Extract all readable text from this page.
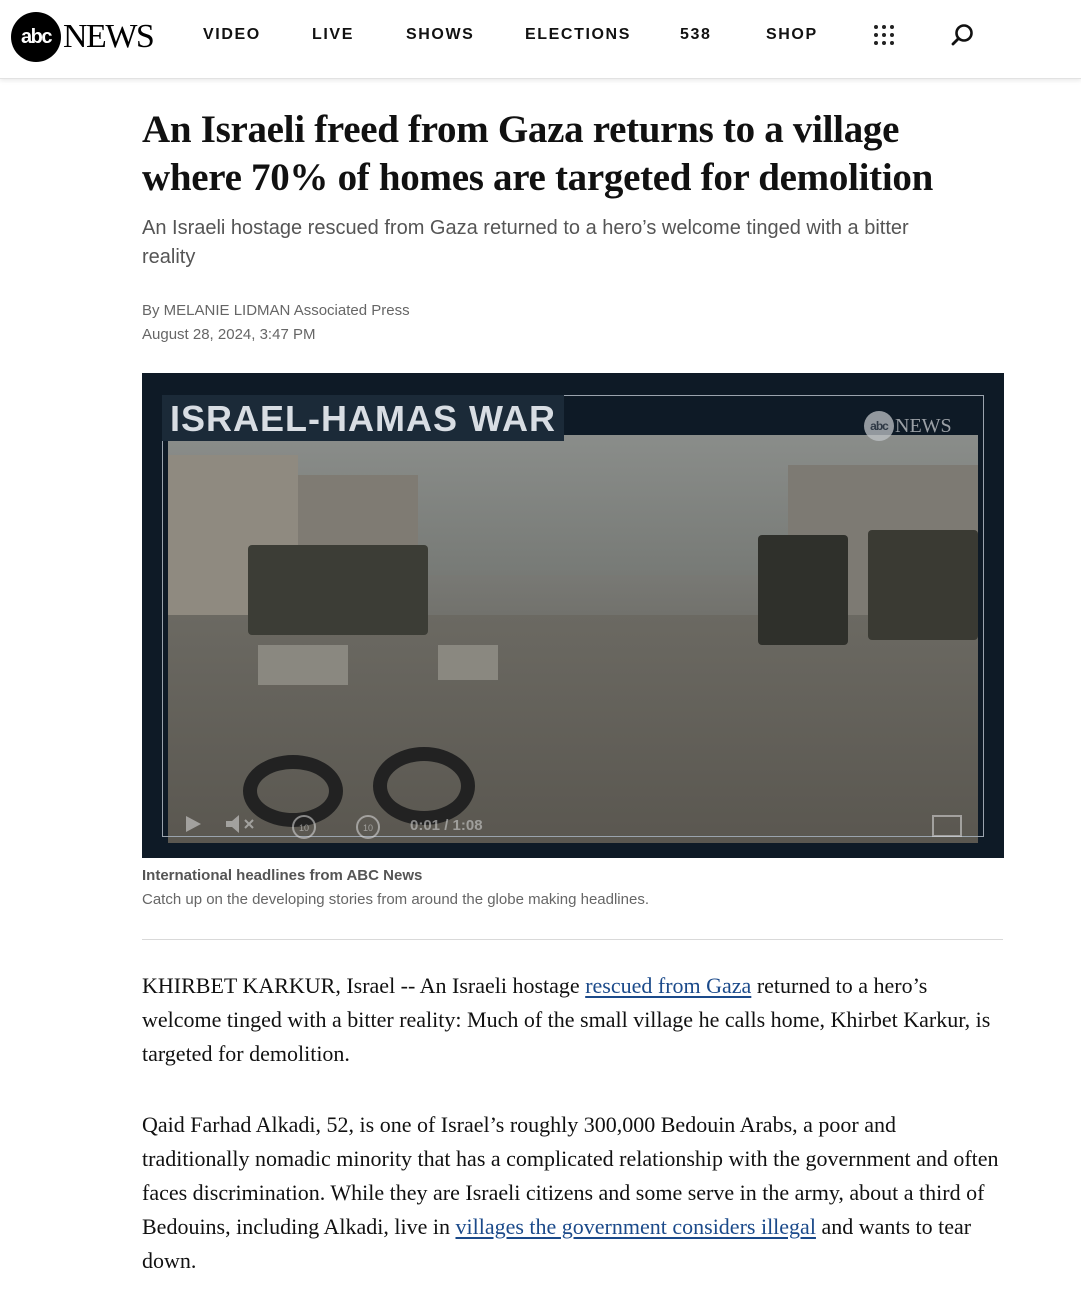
abc NEWS	VIDEO	LIVE	SHOWS	ELECTIONS	538	SHOP
An Israeli freed from Gaza returns to a village where 70% of homes are targeted for demolition

An Israeli hostage rescued from Gaza returned to a hero’s welcome tinged with a bitter reality

By MELANIE LIDMAN Associated Press
August 28, 2024, 3:47 PM
ISRAEL-HAMAS WAR	abc NEWS
10	10 0:01 / 1:08
International headlines from ABC News
Catch up on the developing stories from around the globe making headlines.

KHIRBET KARKUR, Israel -- An Israeli hostage rescued from Gaza returned to a hero’s welcome tinged with a bitter reality: Much of the small village he calls home, Khirbet Karkur, is targeted for demolition.

Qaid Farhad Alkadi, 52, is one of Israel’s roughly 300,000 Bedouin Arabs, a poor and traditionally nomadic minority that has a complicated relationship with the government and often faces discrimination. While they are Israeli citizens and some serve in the army, about a third of Bedouins, including Alkadi, live in villages the government considers illegal and wants to tear down.
